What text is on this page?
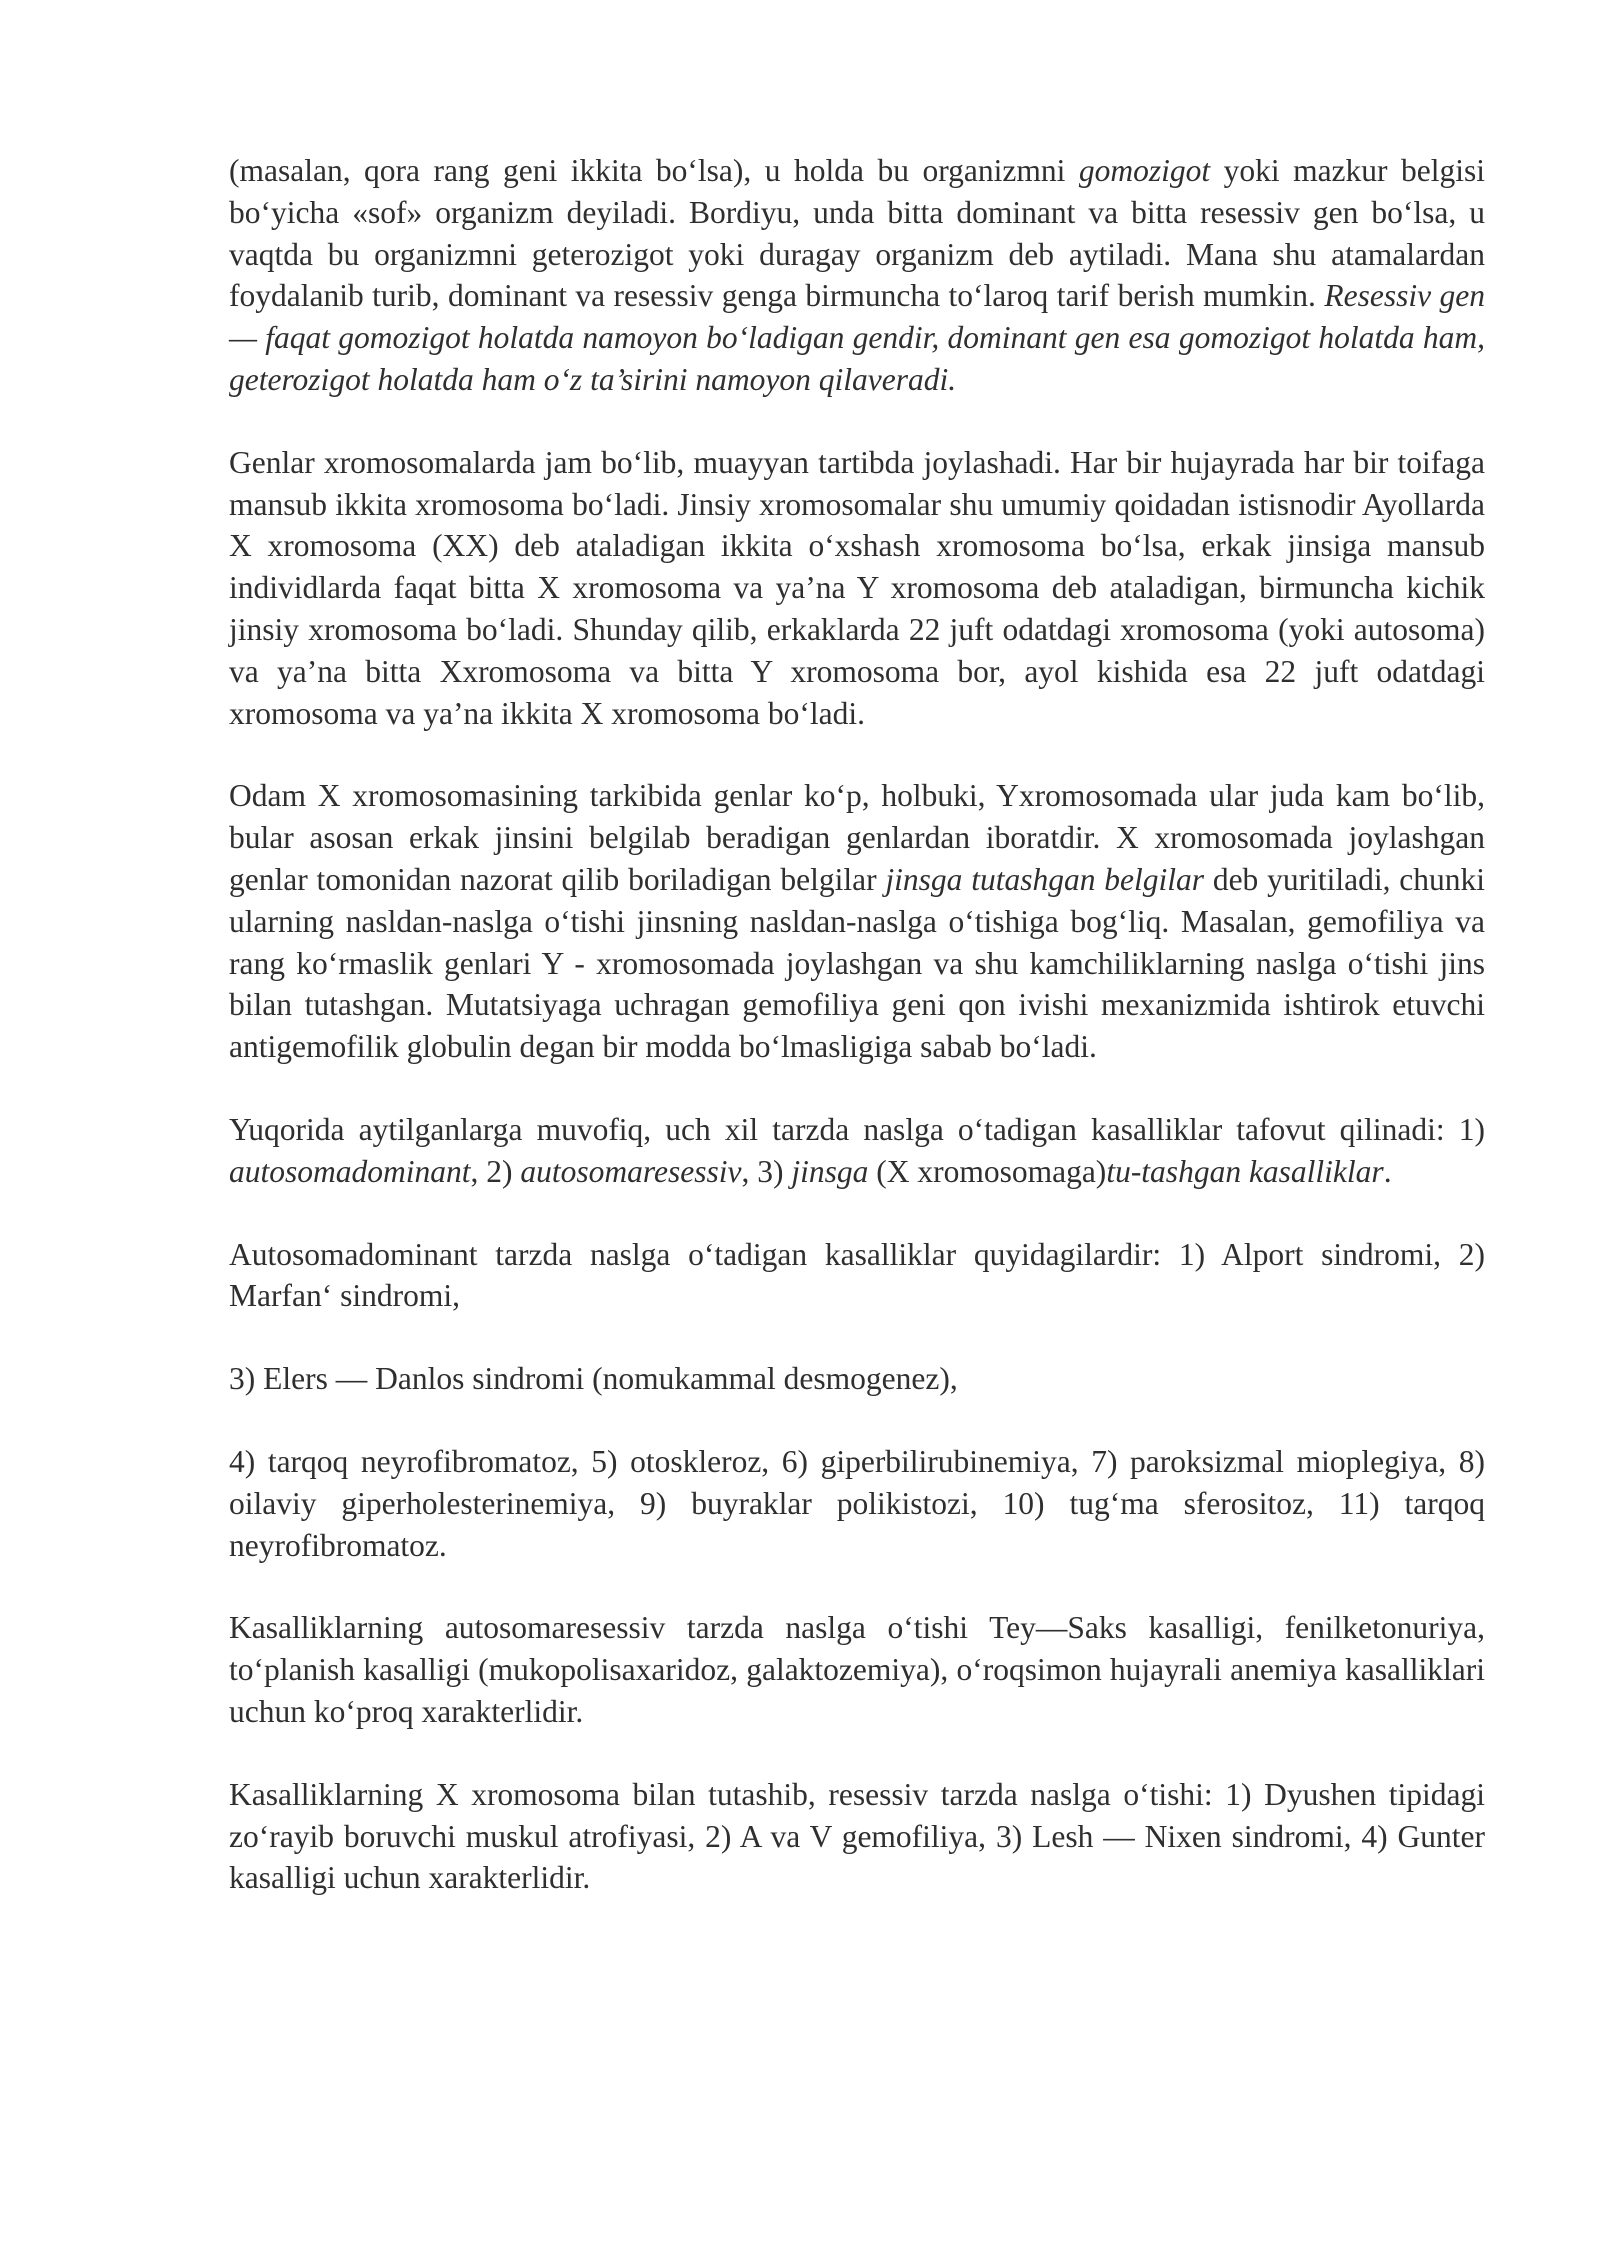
(masalan, qora rang geni ikkita boʻlsa), u holda bu organizmni gomozigot yoki mazkur belgisi boʻyicha «sof» organizm deyiladi. Bordiyu, unda bitta dominant va bitta resessiv gen boʻlsa, u vaqtda bu organizmni geterozigot yoki duragay organizm deb aytiladi. Mana shu atamalardan foydalanib turib, dominant va resessiv genga birmuncha toʻlaroq tarif berish mumkin. Resessiv gen — faqat gomozigot holatda namoyon boʻladigan gendir, dominant gen esa gomozigot holatda ham, geterozigot holatda ham oʻz ta’sirini namoyon qilaveradi.

Genlar xromosomalarda jam boʻlib, muayyan tartibda joylashadi. Har bir hujayrada har bir toifaga mansub ikkita xromosoma boʻladi. Jinsiy xromosomalar shu umumiy qoidadan istisnodir Ayollarda X xromosoma (XX) deb ataladigan ikkita oʻxshash xromosoma boʻlsa, erkak jinsiga mansub individlarda faqat bitta X xromosoma va ya’na Y xromosoma deb ataladigan, birmuncha kichik jinsiy xromosoma boʻladi. Shunday qilib, erkaklarda 22 juft odatdagi xromosoma (yoki autosoma) va ya’na bitta Xxromosoma va bitta Y xromosoma bor, ayol kishida esa 22 juft odatdagi xromosoma va ya’na ikkita X xromosoma boʻladi.

Odam X xromosomasining tarkibida genlar koʻp, holbuki, Yxromosomada ular juda kam boʻlib, bular asosan erkak jinsini belgilab beradigan genlardan iboratdir. X xromosomada joylashgan genlar tomonidan nazorat qilib boriladigan belgilar jinsga tutashgan belgilar deb yuritiladi, chunki ularning nasldan-naslga oʻtishi jinsning nasldan-naslga oʻtishiga bogʻliq. Masalan, gemofiliya va rang koʻrmaslik genlari Y - xromosomada joylashgan va shu kamchiliklarning naslga oʻtishi jins bilan tutashgan. Mutatsiyaga uchragan gemofiliya geni qon ivishi mexanizmida ishtirok etuvchi antigemofilik globulin degan bir modda boʻlmasligiga sabab boʻladi.

Yuqorida aytilganlarga muvofiq, uch xil tarzda naslga oʻtadigan kasalliklar tafovut qilinadi: 1) autosomadominant, 2) autosomaresessiv, 3) jinsga (X xromosomaga)tu-tashgan kasalliklar.

Autosomadominant tarzda naslga oʻtadigan kasalliklar quyidagilardir: 1) Alport sindromi, 2) Marfanʻ sindromi,

3) Elers — Danlos sindromi (nomukammal desmogenez),

4) tarqoq neyrofibromatoz, 5) otoskleroz, 6) giperbilirubinemiya, 7) paroksizmal mioplegiya, 8) oilaviy giperholesterinemiya, 9) buyraklar polikistozi, 10) tugʻma sferositoz, 11) tarqoq neyrofibromatoz.

Kasalliklarning autosomaresessiv tarzda naslga oʻtishi Tey—Saks kasalligi, fenilketonuriya, toʻplanish kasalligi (mukopolisaxaridoz, galaktozemiya), oʻroqsimon hujayrali anemiya kasalliklari uchun koʻproq xarakterlidir.

Kasalliklarning X xromosoma bilan tutashib, resessiv tarzda naslga oʻtishi: 1) Dyushen tipidagi zoʻrayib boruvchi muskul atrofiyasi, 2) A va V gemofiliya, 3) Lesh — Nixen sindromi, 4) Gunter kasalligi uchun xarakterlidir.
